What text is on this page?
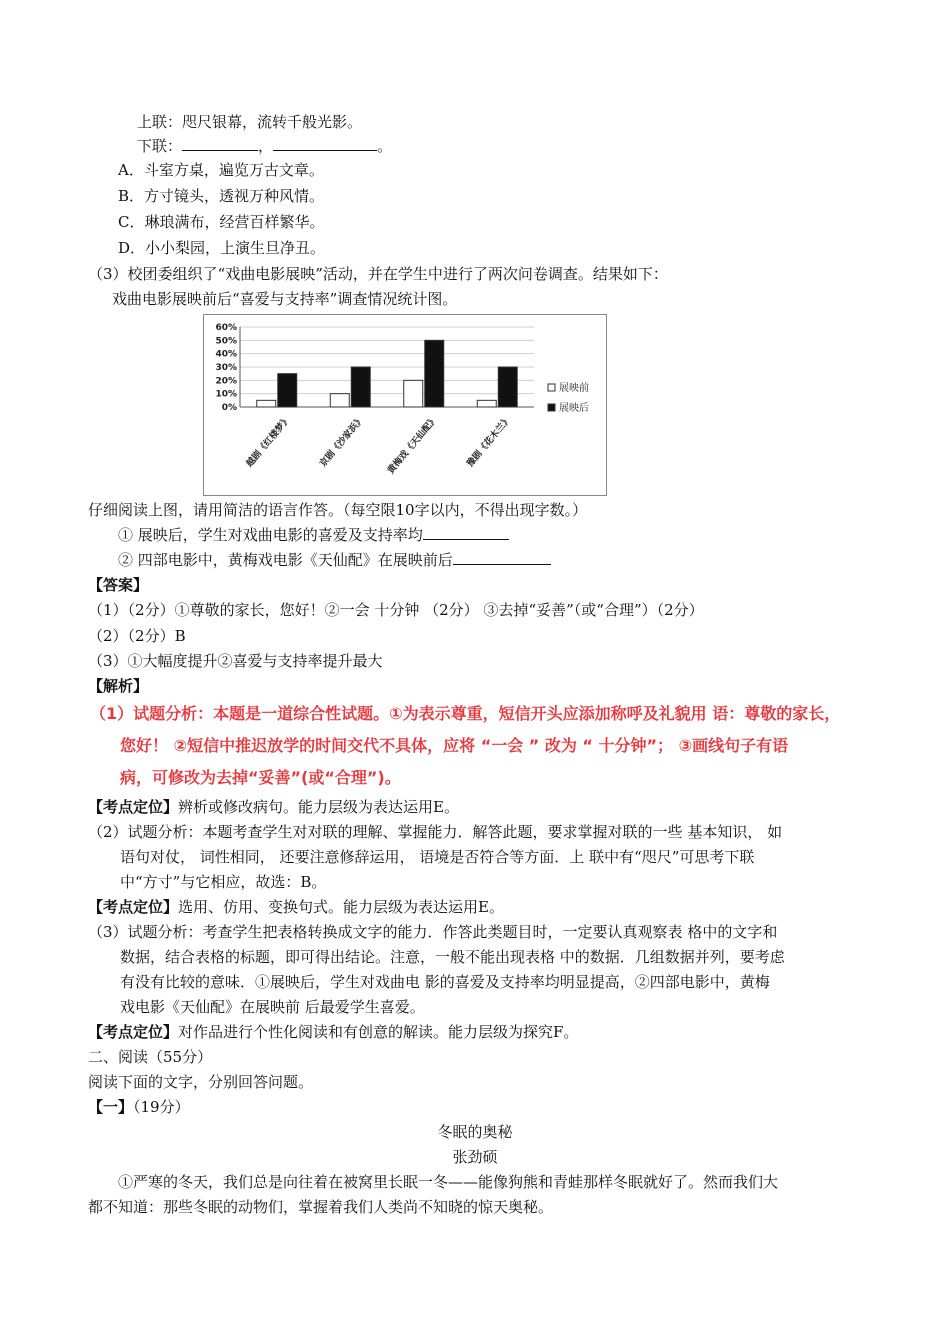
上联：咫尺银幕，流转千般光影。
下联：	，	。
A．斗室方桌，遍览万古文章。
B．方寸镜头，透视万种风情。
C．琳琅满布，经营百样繁华。
D．小小梨园，上演生旦净丑。
（3）校团委组织了“戏曲电影展映”活动，并在学生中进行了两次问卷调查。结果如下：
戏曲电影展映前后“喜爱与支持率”调查情况统计图。
0%
10%
20%
30%
40%
50%
60%
越剧《红楼梦》	京剧《沙家浜》 黄梅戏《天仙配》	豫剧《花木兰》
展映前
展映后
仔细阅读上图，请用简洁的语言作答。（每空限10字以内，不得出现字数。）
① 展映后，学生对戏曲电影的喜爱及支持率均
② 四部电影中，黄梅戏电影《天仙配》在展映前后
【答案】
（1）（2分）①尊敬的家长，您好！②一会 十分钟 （2分） ③去掉“妥善”（或“合理”）（2分）
（2）（2分）B
（3）①大幅度提升②喜爱与支持率提升最大
【解析】
（1）试题分析：本题是一道综合性试题。①为表示尊重，短信开头应添加称呼及礼貌用 语：尊敬的家长，
您好！ ②短信中推迟放学的时间交代不具体，应将 “一会 ” 改为 “ 十分钟”； ③画线句子有语
病，可修改为去掉“妥善”(或“合理”)。
【考点定位】辨析或修改病句。能力层级为表达运用E。
（2）试题分析：本题考查学生对对联的理解、掌握能力．解答此题，要求掌握对联的一些 基本知识， 如
语句对仗， 词性相同， 还要注意修辞运用， 语境是否符合等方面．上 联中有“咫尺”可思考下联
中“方寸”与它相应，故选：B。
【考点定位】选用、仿用、变换句式。能力层级为表达运用E。
（3）试题分析：考查学生把表格转换成文字的能力．作答此类题目时，一定要认真观察表 格中的文字和
数据，结合表格的标题，即可得出结论。注意，一般不能出现表格 中的数据．几组数据并列，要考虑
有没有比较的意味．①展映后，学生对戏曲电 影的喜爱及支持率均明显提高，②四部电影中，黄梅
戏电影《天仙配》在展映前 后最爱学生喜爱。
【考点定位】对作品进行个性化阅读和有创意的解读。能力层级为探究F。
二、阅读（55分）
阅读下面的文字，分别回答问题。
【一】（19分）
冬眠的奥秘
张劲硕
①严寒的冬天，我们总是向往着在被窝里长眠一冬——能像狗熊和青蛙那样冬眠就好了。然而我们大
都不知道：那些冬眠的动物们，掌握着我们人类尚不知晓的惊天奥秘。
